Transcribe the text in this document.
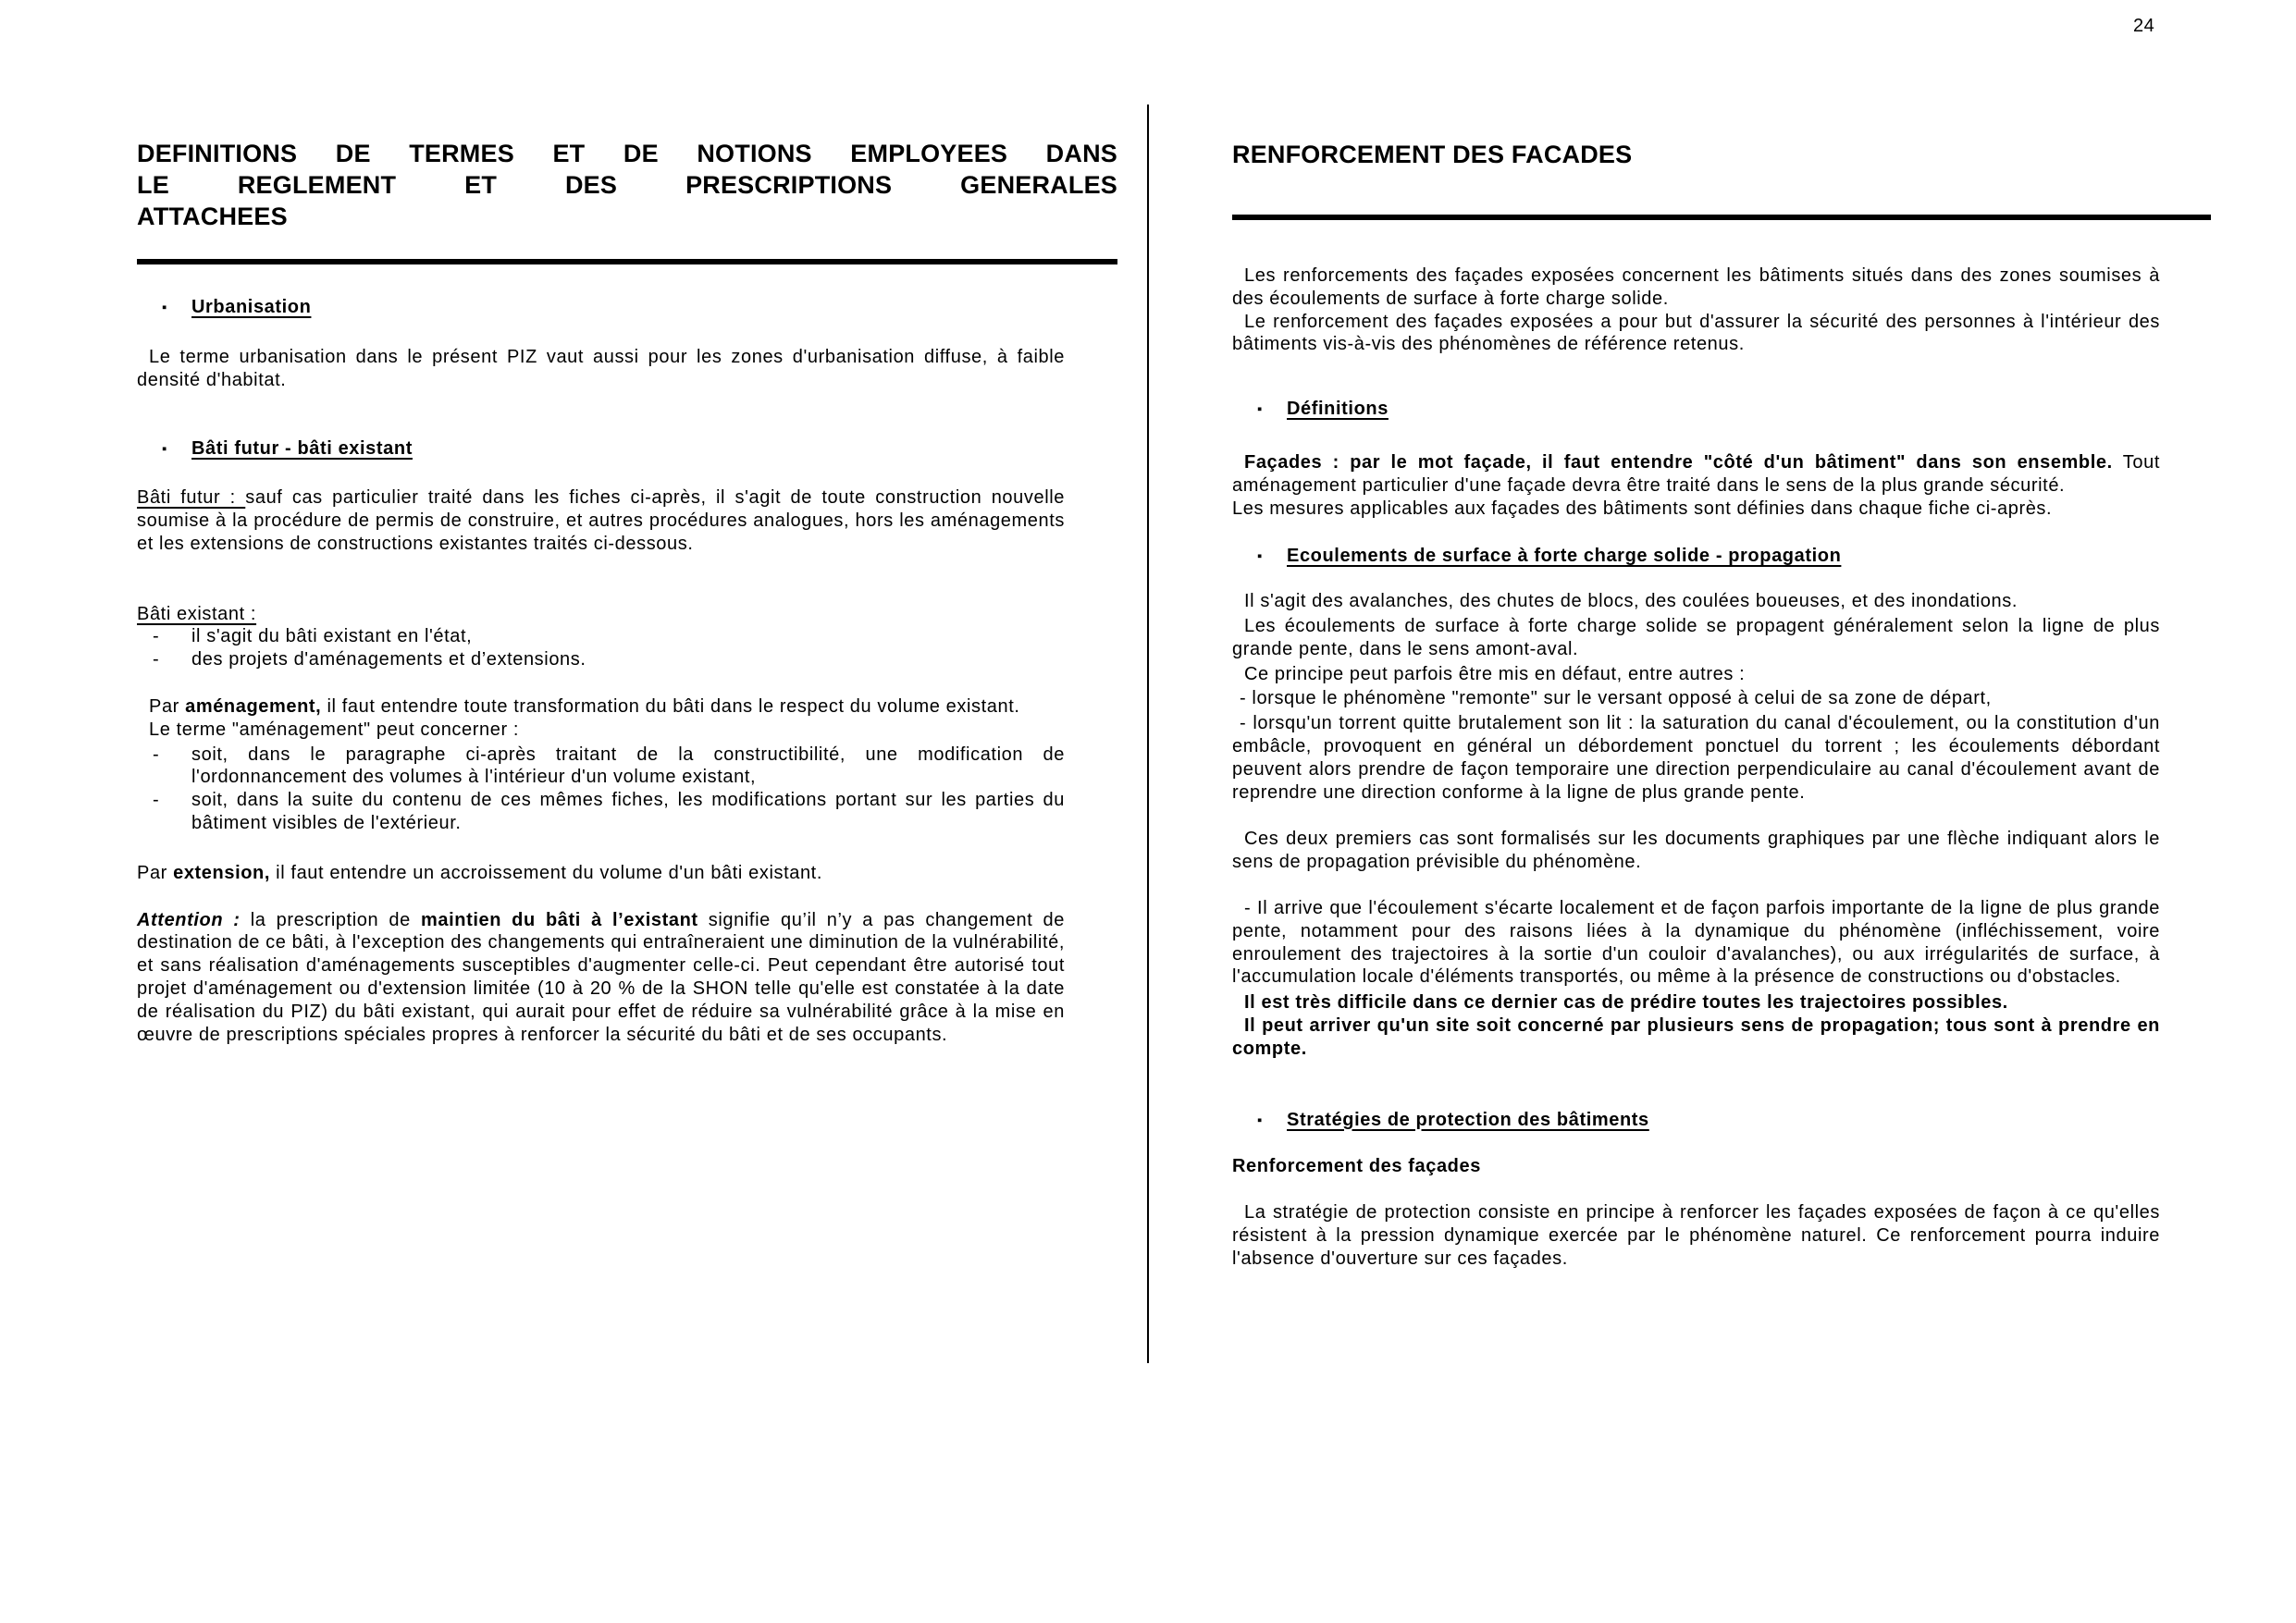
24
DEFINITIONS DE TERMES ET DE NOTIONS EMPLOYEES DANS
LE REGLEMENT ET DES PRESCRIPTIONS GENERALES
ATTACHEES
▪ Urbanisation

Le terme urbanisation dans le présent PIZ vaut aussi pour les zones d'urbanisation diffuse, à faible densité d'habitat.

▪ Bâti futur - bâti existant

Bâti futur : sauf cas particulier traité dans les fiches ci-après, il s'agit de toute construction nouvelle soumise à la procédure de permis de construire, et autres procédures analogues, hors les aménagements et les extensions de constructions existantes traités ci-dessous.

Bâti existant :

-	il s'agit du bâti existant en l'état,
-	des projets d'aménagements et d’extensions.

Par aménagement, il faut entendre toute transformation du bâti dans le respect du volume existant.

Le terme "aménagement" peut concerner :

-	soit, dans le paragraphe ci-après traitant de la constructibilité, une modification de l'ordonnancement des volumes à l'intérieur d'un volume existant,
-	soit, dans la suite du contenu de ces mêmes fiches, les modifications portant sur les parties du bâtiment visibles de l'extérieur.

Par extension, il faut entendre un accroissement du volume d'un bâti existant.

Attention : la prescription de maintien du bâti à l’existant signifie qu’il n’y a pas changement de destination de ce bâti, à l'exception des changements qui entraîneraient une diminution de la vulnérabilité, et sans réalisation d'aménagements susceptibles d'augmenter celle-ci. Peut cependant être autorisé tout projet d'aménagement ou d'extension limitée (10 à 20 % de la SHON telle qu'elle est constatée à la date de réalisation du PIZ) du bâti existant, qui aurait pour effet de réduire sa vulnérabilité grâce à la mise en œuvre de prescriptions spéciales propres à renforcer la sécurité du bâti et de ses occupants.

RENFORCEMENT DES FACADES

Les renforcements des façades exposées concernent les bâtiments situés dans des zones soumises à des écoulements de surface à forte charge solide.

Le renforcement des façades exposées a pour but d'assurer la sécurité des personnes à l'intérieur des bâtiments vis-à-vis des phénomènes de référence retenus.

▪ Définitions

Façades : par le mot façade, il faut entendre "côté d'un bâtiment" dans son ensemble. Tout aménagement particulier d'une façade devra être traité dans le sens de la plus grande sécurité.

Les mesures applicables aux façades des bâtiments sont définies dans chaque fiche ci-après.

▪ Ecoulements de surface à forte charge solide - propagation

Il s'agit des avalanches, des chutes de blocs, des coulées boueuses, et des inondations.

Les écoulements de surface à forte charge solide se propagent généralement selon la ligne de plus grande pente, dans le sens amont-aval.

Ce principe peut parfois être mis en défaut, entre autres :

- lorsque le phénomène "remonte" sur le versant opposé à celui de sa zone de départ,

- lorsqu'un torrent quitte brutalement son lit : la saturation du canal d'écoulement, ou la constitution d'un embâcle, provoquent en général un débordement ponctuel du torrent ; les écoulements débordant peuvent alors prendre de façon temporaire une direction perpendiculaire au canal d'écoulement avant de reprendre une direction conforme à la ligne de plus grande pente.

Ces deux premiers cas sont formalisés sur les documents graphiques par une flèche indiquant alors le sens de propagation prévisible du phénomène.

- Il arrive que l'écoulement s'écarte localement et de façon parfois importante de la ligne de plus grande pente, notamment pour des raisons liées à la dynamique du phénomène (infléchissement, voire enroulement des trajectoires à la sortie d'un couloir d'avalanches), ou aux irrégularités de surface, à l'accumulation locale d'éléments transportés, ou même à la présence de constructions ou d'obstacles.

Il est très difficile dans ce dernier cas de prédire toutes les trajectoires possibles.

Il peut arriver qu'un site soit concerné par plusieurs sens de propagation; tous sont à prendre en compte.

▪ Stratégies de protection des bâtiments

Renforcement des façades

La stratégie de protection consiste en principe à renforcer les façades exposées de façon à ce qu'elles résistent à la pression dynamique exercée par le phénomène naturel. Ce renforcement pourra induire l'absence d'ouverture sur ces façades.
